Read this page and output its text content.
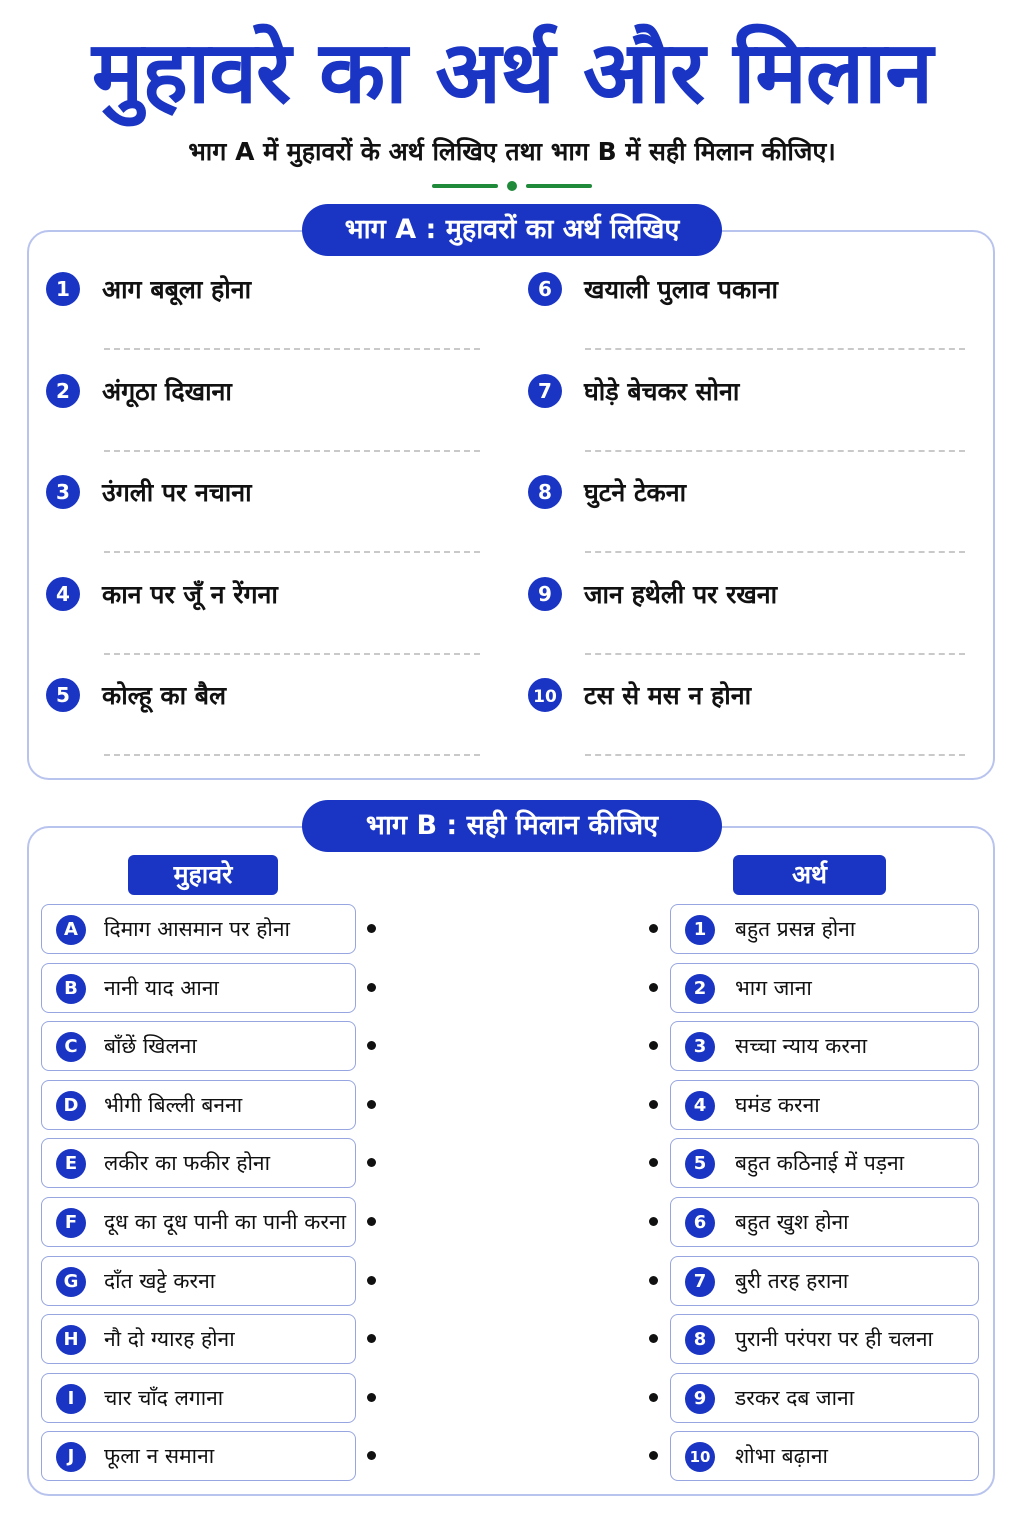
मुहावरे का अर्थ और मिलान
भाग A में मुहावरों के अर्थ लिखिए तथा भाग B में सही मिलान कीजिए।
भाग A : मुहावरों का अर्थ लिखिए
1	आग बबूला होना
2	अंगूठा दिखाना
3	उंगली पर नचाना
4	कान पर जूँ न रेंगना
5	कोल्हू का बैल
6	खयाली पुलाव पकाना
7	घोड़े बेचकर सोना
8	घुटने टेकना
9	जान हथेली पर रखना
10 टस से मस न होना
भाग B : सही मिलान कीजिए
मुहावरे	अर्थ
A	दिमाग आसमान पर होना
B	नानी याद आना
C	बाँछें खिलना
D	भीगी बिल्ली बनना
E	लकीर का फकीर होना
F	दूध का दूध पानी का पानी करना
G	दाँत खट्टे करना
H	नौ दो ग्यारह होना
I	चार चाँद लगाना
J	फूला न समाना
1	बहुत प्रसन्न होना
2	भाग जाना
3	सच्चा न्याय करना
4	घमंड करना
5	बहुत कठिनाई में पड़ना
6	बहुत खुश होना
7	बुरी तरह हराना
8	पुरानी परंपरा पर ही चलना
9	डरकर दब जाना
10 शोभा बढ़ाना
